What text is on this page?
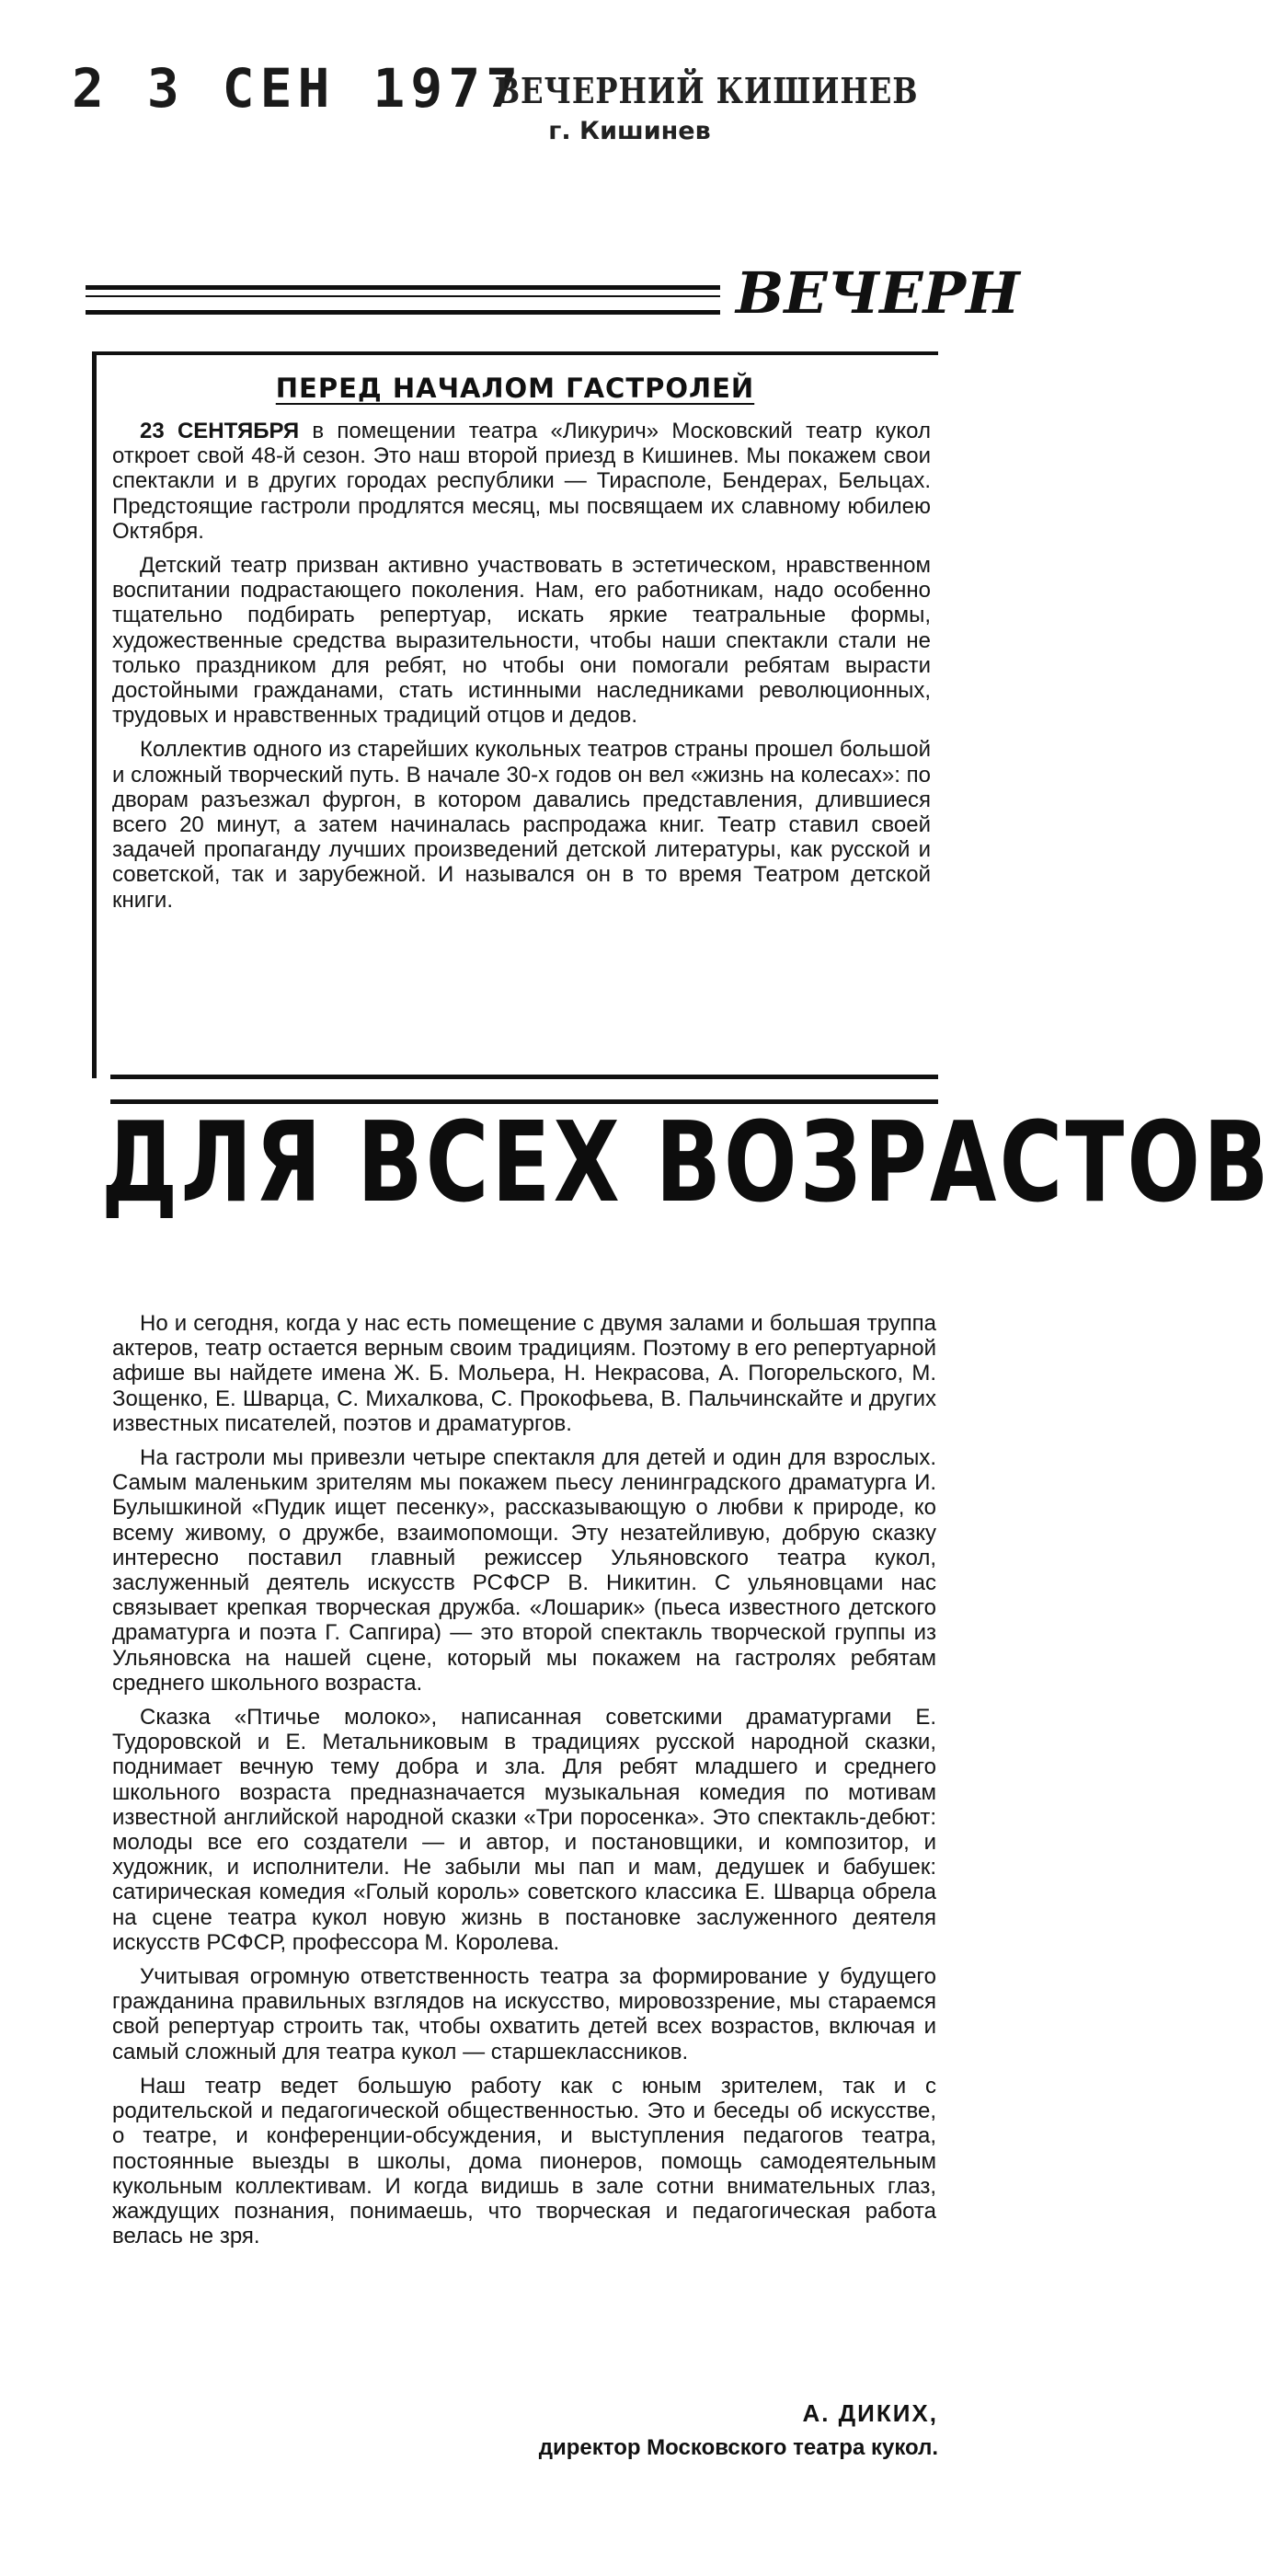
2 3 СЕН 1977
ВЕЧЕРНИЙ КИШИНЕВ
г. Кишинев
ВЕЧЕРН
ПЕРЕД НАЧАЛОМ ГАСТРОЛЕЙ

23 СЕНТЯБРЯ в помещении театра «Ликурич» Московский театр кукол откроет свой 48-й сезон. Это наш второй приезд в Кишинев. Мы покажем свои спектакли и в других городах республики — Тирасполе, Бендерах, Бельцах. Предстоящие гастроли продлятся месяц, мы посвящаем их славному юбилею Октября.

Детский театр призван активно участвовать в эстетическом, нравственном воспитании подрастающего поколения. Нам, его работникам, надо особенно тщательно подбирать репертуар, искать яркие театральные формы, художественные средства выразительности, чтобы наши спектакли стали не только праздником для ребят, но чтобы они помогали ребятам вырасти достойными гражданами, стать истинными наследниками революционных, трудовых и нравственных традиций отцов и дедов.

Коллектив одного из старейших кукольных театров страны прошел большой и сложный творческий путь. В начале 30-х годов он вел «жизнь на колесах»: по дворам разъезжал фургон, в котором давались представления, длившиеся всего 20 минут, а затем начиналась распродажа книг. Театр ставил своей задачей пропаганду лучших произведений детской литературы, как русской и советской, так и зарубежной. И назывался он в то время Театром детской книги.

ДЛЯ ВСЕХ ВОЗРАСТОВ

Но и сегодня, когда у нас есть помещение с двумя залами и большая труппа актеров, театр остается верным своим традициям. Поэтому в его репертуарной афише вы найдете имена Ж. Б. Мольера, Н. Некрасова, А. Погорельского, М. Зощенко, Е. Шварца, С. Михалкова, С. Прокофьева, В. Пальчинскайте и других известных писателей, поэтов и драматургов.

На гастроли мы привезли четыре спектакля для детей и один для взрослых. Самым маленьким зрителям мы покажем пьесу ленинградского драматурга И. Булышкиной «Пудик ищет песенку», рассказывающую о любви к природе, ко всему живому, о дружбе, взаимопомощи. Эту незатейливую, добрую сказку интересно поставил главный режиссер Ульяновского театра кукол, заслуженный деятель искусств РСФСР В. Никитин. С ульяновцами нас связывает крепкая творческая дружба. «Лошарик» (пьеса известного детского драматурга и поэта Г. Сапгира) — это второй спектакль творческой группы из Ульяновска на нашей сцене, который мы покажем на гастролях ребятам среднего школьного возраста.

Сказка «Птичье молоко», написанная советскими драматургами Е. Тудоровской и Е. Метальниковым в традициях русской народной сказки, поднимает вечную тему добра и зла. Для ребят младшего и среднего школьного возраста предназначается музыкальная комедия по мотивам известной английской народной сказки «Три поросенка». Это спектакль-дебют: молоды все его создатели — и автор, и постановщики, и композитор, и художник, и исполнители. Не забыли мы пап и мам, дедушек и бабушек: сатирическая комедия «Голый король» советского классика Е. Шварца обрела на сцене театра кукол новую жизнь в постановке заслуженного деятеля искусств РСФСР, профессора М. Королева.

Учитывая огромную ответственность театра за формирование у будущего гражданина правильных взглядов на искусство, мировоззрение, мы стараемся свой репертуар строить так, чтобы охватить детей всех возрастов, включая и самый сложный для театра кукол — старшеклассников.

Наш театр ведет большую работу как с юным зрителем, так и с родительской и педагогической общественностью. Это и беседы об искусстве, о театре, и конференции-обсуждения, и выступления педагогов театра, постоянные выезды в школы, дома пионеров, помощь самодеятельным кукольным коллективам. И когда видишь в зале сотни внимательных глаз, жаждущих познания, понимаешь, что творческая и педагогическая работа велась не зря.

А. ДИКИХ,
директор Московского театра кукол.
